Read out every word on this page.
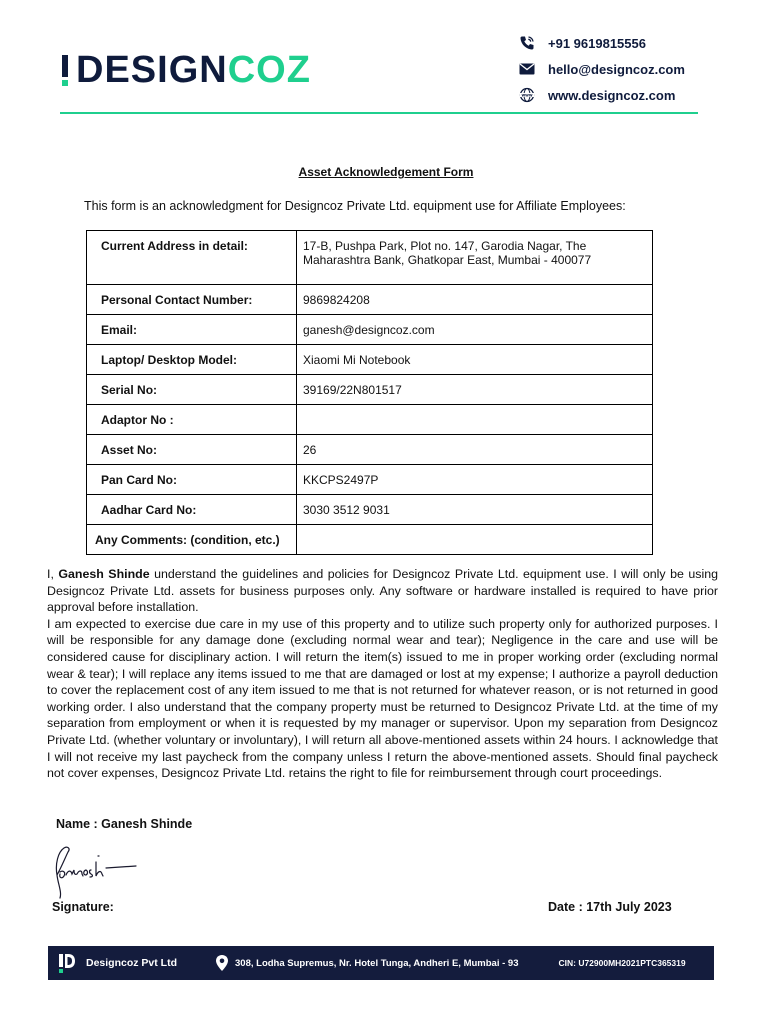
DESIGNCOZ
+91 9619815556
hello@designcoz.com
www www.designcoz.com
Asset Acknowledgement Form
This form is an acknowledgment for Designcoz Private Ltd. equipment use for Affiliate Employees:
Current Address in detail:	17-B, Pushpa Park, Plot no. 147, Garodia Nagar, The Maharashtra Bank, Ghatkopar East, Mumbai - 400077
Personal Contact Number:	9869824208
Email:	ganesh@designcoz.com
Laptop/ Desktop Model:	Xiaomi Mi Notebook
Serial No:	39169/22N801517
Adaptor No :	
Asset No:	26
Pan Card No:	KKCPS2497P
Aadhar Card No:	3030 3512 9031
Any Comments: (condition, etc.)	

I, Ganesh Shinde understand the guidelines and policies for Designcoz Private Ltd. equipment use. I will only be using Designcoz Private Ltd. assets for business purposes only. Any software or hardware installed is required to have prior approval before installation.

I am expected to exercise due care in my use of this property and to utilize such property only for authorized purposes. I will be responsible for any damage done (excluding normal wear and tear); Negligence in the care and use will be considered cause for disciplinary action. I will return the item(s) issued to me in proper working order (excluding normal wear & tear); I will replace any items issued to me that are damaged or lost at my expense; I authorize a payroll deduction to cover the replacement cost of any item issued to me that is not returned for whatever reason, or is not returned in good working order. I also understand that the company property must be returned to Designcoz Private Ltd. at the time of my separation from employment or when it is requested by my manager or supervisor. Upon my separation from Designcoz Private Ltd. (whether voluntary or involuntary), I will return all above-mentioned assets within 24 hours. I acknowledge that I will not receive my last paycheck from the company unless I return the above-mentioned assets. Should final paycheck not cover expenses, Designcoz Private Ltd. retains the right to file for reimbursement through court proceedings.

Name : Ganesh Shinde
Signature:	Date : 17th July 2023
Designcoz Pvt Ltd	308, Lodha Supremus, Nr. Hotel Tunga, Andheri E, Mumbai - 93	CIN: U72900MH2021PTC365319
